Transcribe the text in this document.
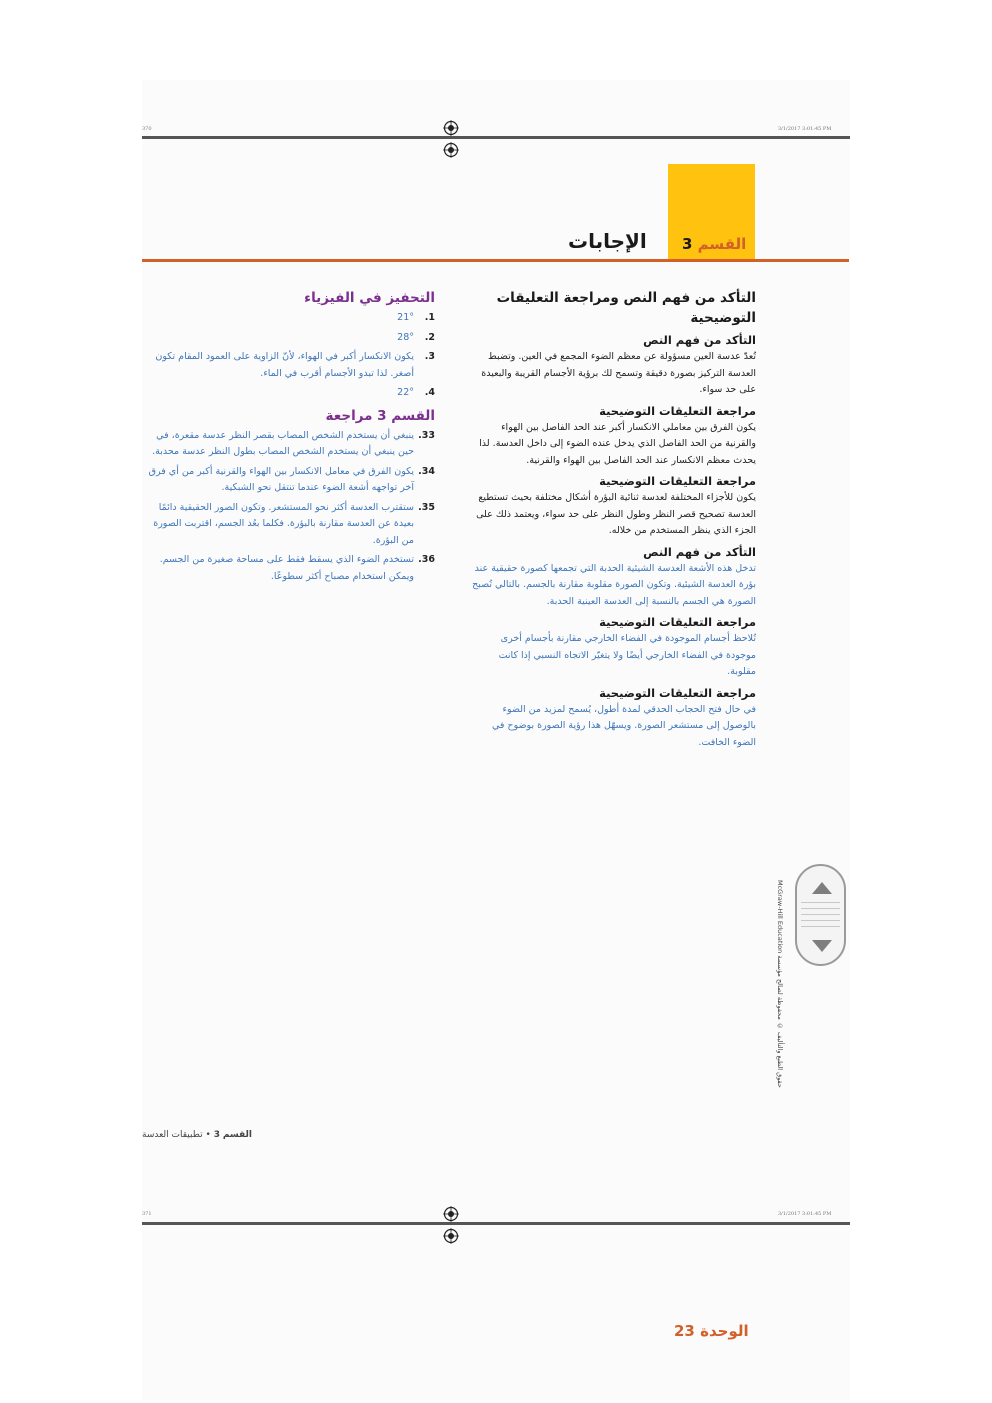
370	3/1/2017 3:01:45 PM
القسم 3
الإجابات
التأكد من فهم النص ومراجعة التعليقات التوضيحية
التأكد من فهم النص
تُعدّ عدسة العين مسؤولة عن معظم الضوء المجمع في العين. وتضبط العدسة التركيز بصورة دقيقة وتسمح لك برؤية الأجسام القريبة والبعيدة على حد سواء.
مراجعة التعليقات التوضيحية
يكون الفرق بين معاملي الانكسار أكبر عند الحد الفاصل بين الهواء والقرنية من الحد الفاصل الذي يدخل عنده الضوء إلى داخل العدسة. لذا يحدث معظم الانكسار عند الحد الفاصل بين الهواء والقرنية.
مراجعة التعليقات التوضيحية
يكون للأجزاء المختلفة لعدسة ثنائية البؤرة أشكال مختلفة بحيث تستطيع العدسة تصحيح قصر النظر وطول النظر على حد سواء، ويعتمد ذلك على الجزء الذي ينظر المستخدم من خلاله.
التأكد من فهم النص
تدخل هذه الأشعة العدسة الشيئية الحدبة التي تجمعها كصورة حقيقية عند بؤرة العدسة الشيئية. وتكون الصورة مقلوبة مقارنة بالجسم. بالتالي تُصبح الصورة هي الجسم بالنسبة إلى العدسة العينية الحدبة.
مراجعة التعليقات التوضيحية
تُلاحظ أجسام الموجودة في الفضاء الخارجي مقارنة بأجسام أخرى موجودة في الفضاء الخارجي أيضًا ولا يتغيّر الاتجاه النسبي إذا كانت مقلوبة.
مراجعة التعليقات التوضيحية
في حال فتح الحجاب الحدقي لمدة أطول، يُسمح لمزيد من الضوء بالوصول إلى مستشعر الصورة. ويسهّل هذا رؤية الصورة بوضوح في الضوء الخافت.
التحفيز في الفيزياء
1.
21°
2.
28°
3.
يكون الانكسار أكبر في الهواء، لأنّ الزاوية على العمود المقام تكون أصغر. لذا تبدو الأجسام أقرب في الماء.
4.
22°
القسم 3 مراجعة
33.
ينبغي أن يستخدم الشخص المصاب بقصر النظر عدسة مقعرة، في حين ينبغي أن يستخدم الشخص المصاب بطول النظر عدسة محدبة.
34.
يكون الفرق في معامل الانكسار بين الهواء والقرنية أكبر من أي فرق آخر تواجهه أشعة الضوء عندما تنتقل نحو الشبكية.
35.
ستقترب العدسة أكثر نحو المستشعر. وتكون الصور الحقيقية دائمًا بعيدة عن العدسة مقارنة بالبؤرة. فكلما بعُد الجسم، اقتربت الصورة من البؤرة.
36.
تستخدم الضوء الذي يسقط فقط على مساحة صغيرة من الجسم. ويمكن استخدام مصباح أكثر سطوعًا.
McGraw-Hill Education حقوق الطبع والتأليف © محفوظة لصالح مؤسسة
القسم 3 • تطبيقات العدسة
371	3/1/2017 3:01:45 PM
الوحدة 23
